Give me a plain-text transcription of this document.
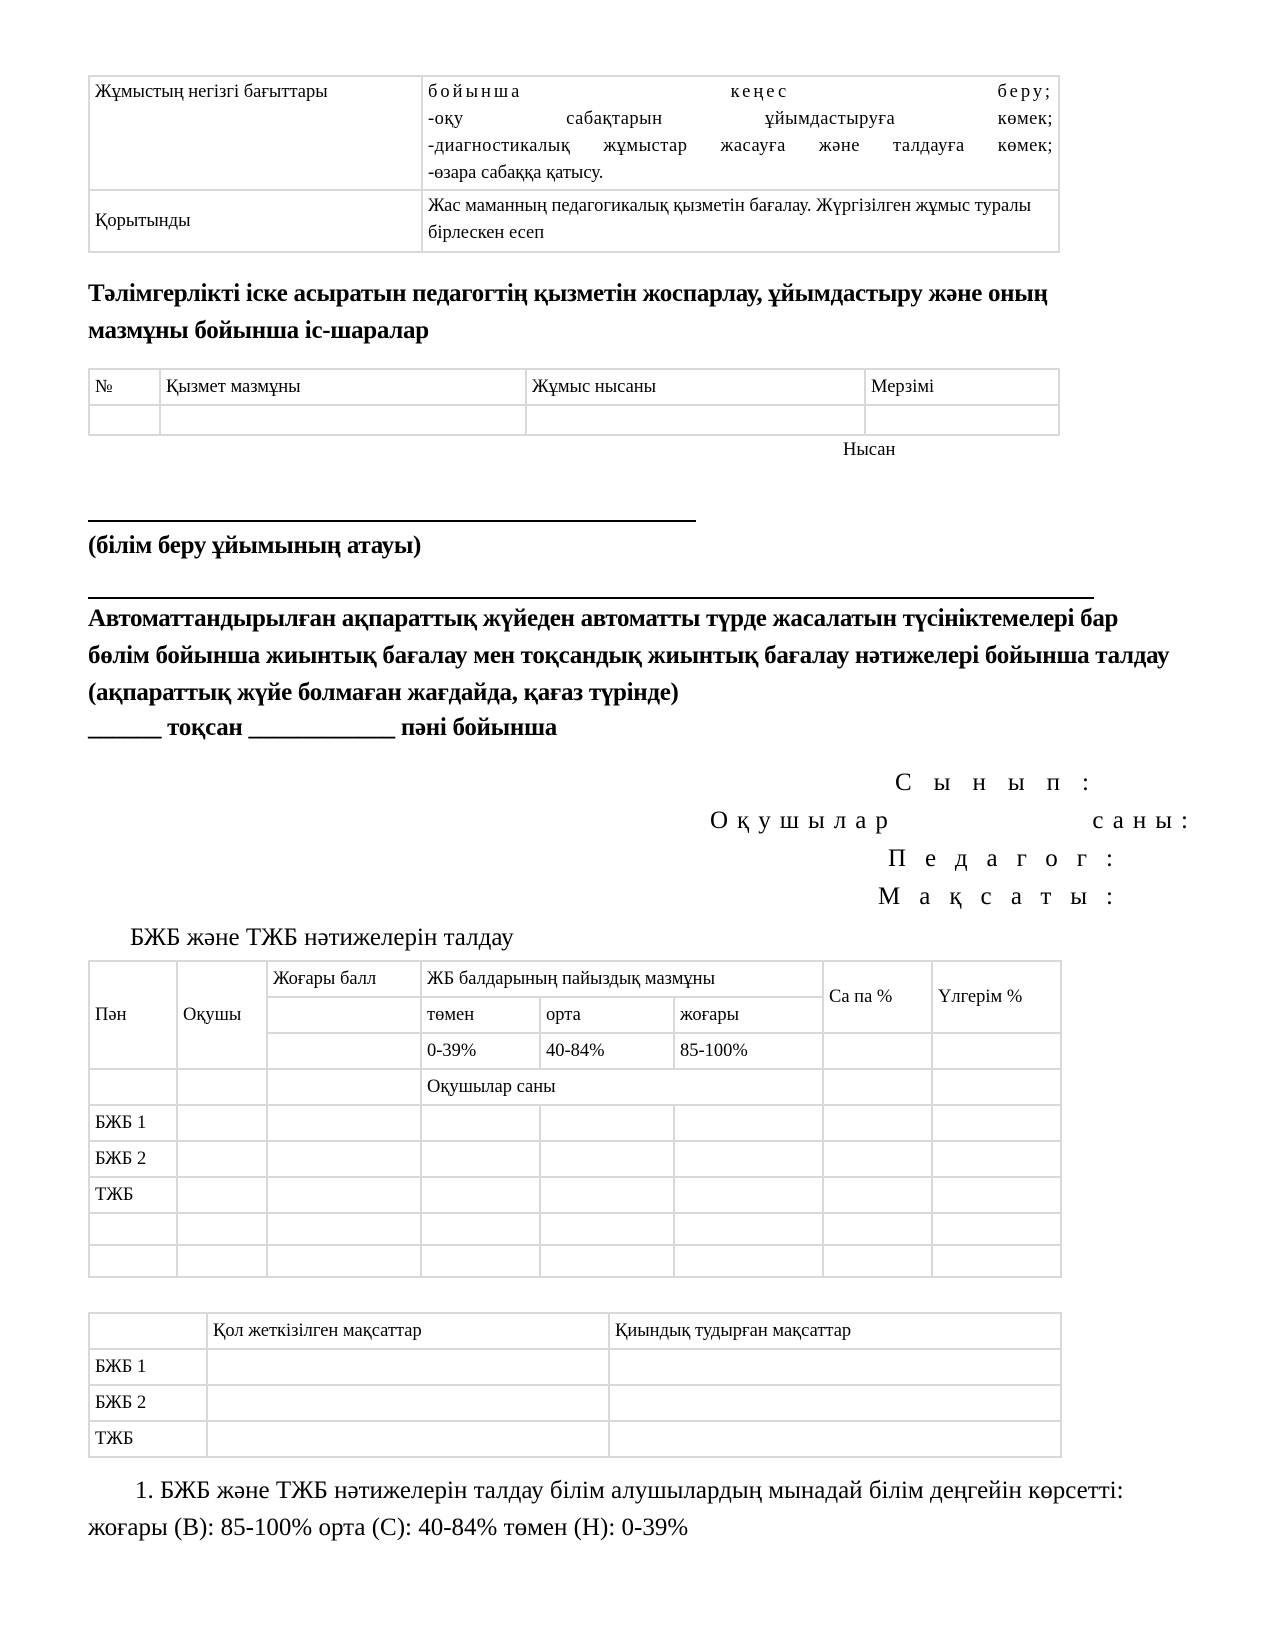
Жұмыстың негізгі бағыттары	бойынша кеңес беру;
-оқу сабақтарын ұйымдастыруға көмек;
-диагностикалық жұмыстар жасауға және талдауға көмек;
-өзара сабаққа қатысу.

Қорытынды	Жас маманның педагогикалық қызметін бағалау. Жүргізілген жұмыс туралы бірлескен есеп
Тәлімгерлікті іске асыратын педагогтің қызметін жоспарлау, ұйымдастыру және оның мазмұны бойынша іс-шаралар
№	Қызмет мазмұны	Жұмыс нысаны	Мерзімі

Нысан
(білім беру ұйымының атауы)
Автоматтандырылған ақпараттық жүйеден автоматты түрде жасалатын түсініктемелері бар бөлім бойынша жиынтық бағалау мен тоқсандық жиынтық бағалау нәтижелері бойынша талдау (ақпараттық жүйе болмаған жағдайда, қағаз түрінде)
______ тоқсан ____________ пәні бойынша
Сынып:
Оқушылар саны:
Педагог:
Мақсаты:
БЖБ және ТЖБ нәтижелерін талдау
Пән	Оқушы	Жоғары балл	ЖБ балдарының пайыздық мазмұны			Са па %	Үлгерім %
			төмен	орта	жоғары		
			0-39%	40-84%	85-100%		
			Оқушылар саны				
БЖБ 1							
БЖБ 2							
ТЖБ							

	Қол жеткізілген мақсаттар	Қиындық тудырған мақсаттар
БЖБ 1		
БЖБ 2		
ТЖБ		
1. БЖБ және ТЖБ нәтижелерін талдау білім алушылардың мынадай білім деңгейін көрсетті: жоғары (В): 85-100% орта (С): 40-84% төмен (Н): 0-39%
